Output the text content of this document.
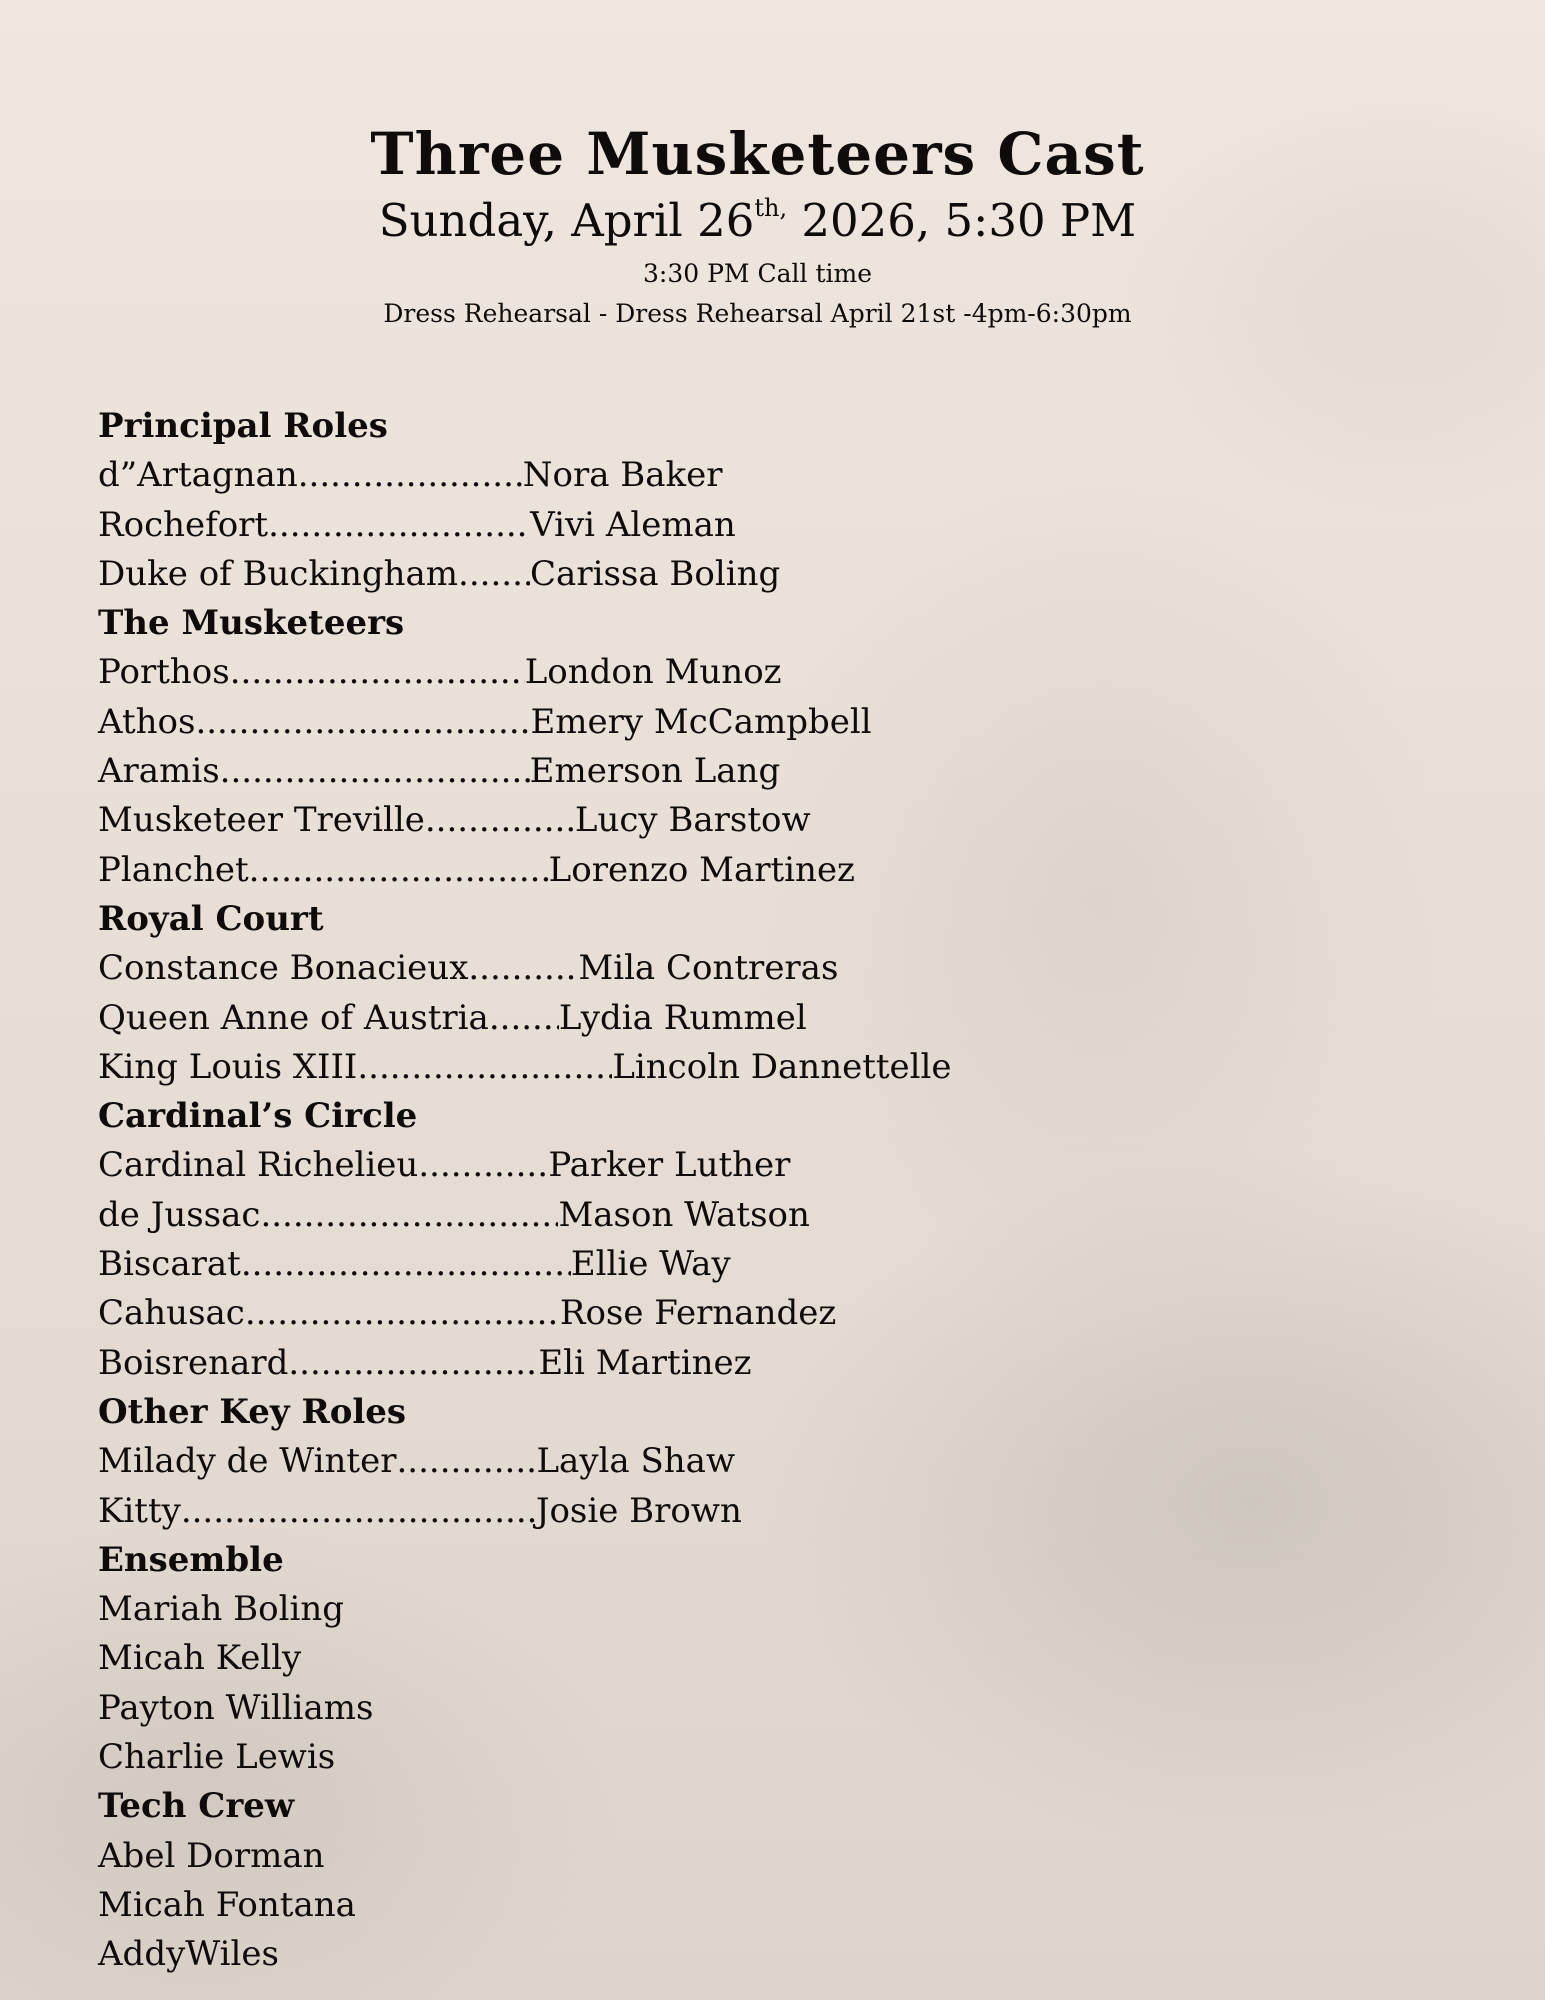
Three Musketeers Cast
Sunday, April $26^{th,}$ 2026, 5:30 PM
3:30 PM Call time
Dress Rehearsal - Dress Rehearsal April 21st -4pm-6:30pm
Principal Roles
d”Artagnan .....	Nora Baker
Rochefort .....	Vivi Aleman
Duke of Buckingham ..... Carissa Boling
The Musketeers
Porthos .....	London Munoz
Athos .....	Emery McCampbell
Aramis .....	Emerson Lang
Musketeer Treville .....	Lucy Barstow
Planchet .....	Lorenzo Martinez
Royal Court
Constance Bonacieux .....	Mila Contreras
Queen Anne of Austria ..... Lydia Rummel
King Louis XIII .....	Lincoln Dannettelle
Cardinal’s Circle
Cardinal Richelieu .....	Parker Luther
de Jussac .....	Mason Watson
Biscarat .....	Ellie Way
Cahusac .....	Rose Fernandez
Boisrenard .....	Eli Martinez
Other Key Roles
Milady de Winter .....	Layla Shaw
Kitty .....	Josie Brown
Ensemble
Mariah Boling
Micah Kelly
Payton Williams
Charlie Lewis
Tech Crew
Abel Dorman
Micah Fontana
AddyWiles
